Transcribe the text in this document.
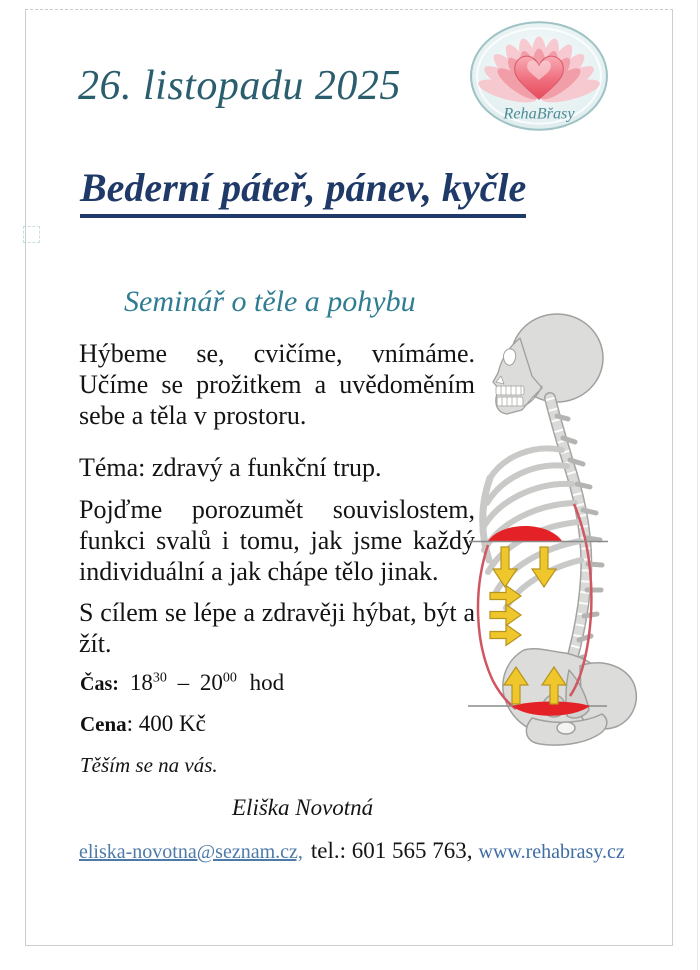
26. listopadu 2025
RehaBřasy
Bederní páteř, pánev, kyčle
Seminář o těle a pohybu
Hýbeme se, cvičíme, vnímáme. Učíme se prožitkem a uvědoměním sebe a těla v prostoru.
Téma: zdravý a funkční trup.
Pojďme porozumět souvislostem, funkci svalů i tomu, jak jsme každý individuální a jak chápe tělo jinak.
S cílem se lépe a zdravěji hýbat, být a žít.
Čas: $18^{30} - 20^{00}$ hod
Cena: 400 Kč
Těším se na vás.
Eliška Novotná
eliska-novotna@seznam.cz, tel.: 601 565 763, www.rehabrasy.cz
